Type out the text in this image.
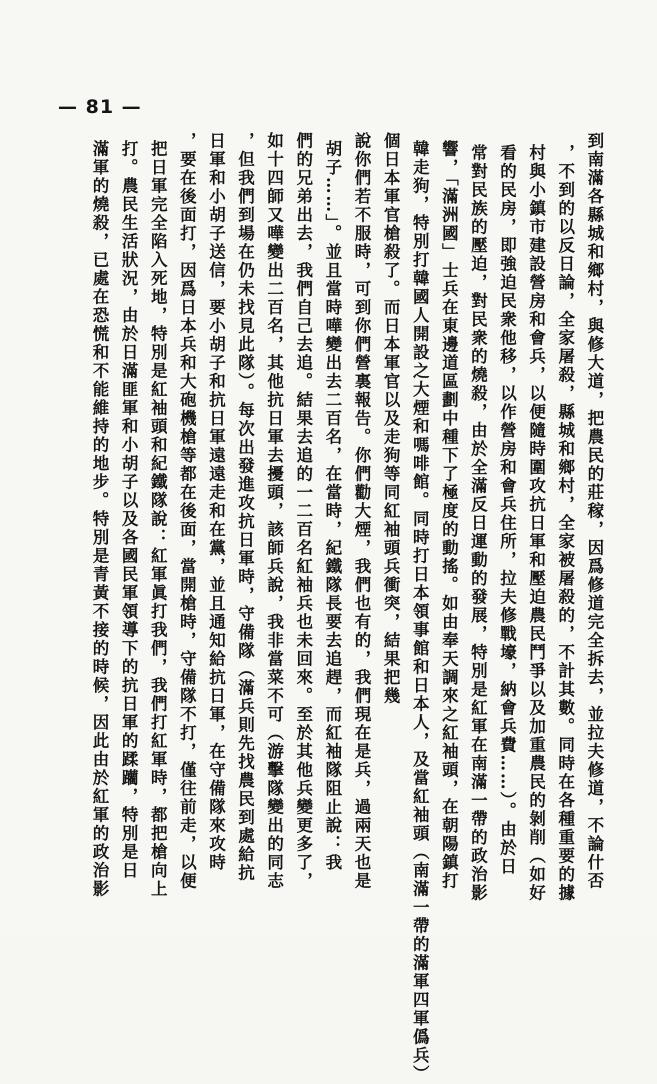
— 81 —
到南滿各縣城和鄉村，與修大道，把農民的莊稼，因爲修道完全拆去，並拉夫修道，不論什否
，不到的以反日論，全家屠殺，縣城和鄉村，全家被屠殺的，不計其數。同時在各種重要的據
村與小鎮市建設營房和會兵，以便隨時圍攻抗日軍和壓迫農民鬥爭以及加重農民的剝削（如好
看的民房，即強迫民衆他移，以作營房和會兵住所，拉夫修戰壕，納會兵費……）。由於日
常對民族的壓迫，對民衆的燒殺，由於全滿反日運動的發展，特別是紅軍在南滿一帶的政治影
響，「滿洲國」士兵在東邊道區劃中種下了極度的動搖。如由奉天調來之紅袖頭，在朝陽鎮打
韓走狗，特別打韓國人開設之大煙和嗎啡館。同時打日本領事館和日本人，及當紅袖頭（南滿一帶的滿軍四軍僞兵）
個日本軍官槍殺了。而日本軍官以及走狗等同紅袖頭兵衝突，結果把幾
說你們若不服時，可到你們營裏報告。你們勸大煙，我們也有的，我們現在是兵，過兩天也是
胡子……」。並且當時嘩變出去二百名，在當時，紀鐵隊長要去追趕，而紅袖隊阻止說：我
們的兄弟出去，我們自己去追。結果去追的一二百名紅袖兵也未回來。至於其他兵變更多了，
如十四師又嘩變出二百名，其他抗日軍去擾頭，該師兵說，我非當菜不可（游擊隊變出的同志
，但我們到場在仍未找見此隊）。每次出發進攻抗日軍時，守備隊（滿兵則先找農民到處給抗
日軍和小胡子送信，要小胡子和抗日軍遠遠走和在黨，並且通知給抗日軍，在守備隊來攻時
，要在後面打，因爲日本兵和大砲機槍等都在後面，當開槍時，守備隊不打，僅往前走，以便
把日軍完全陷入死地，特別是紅袖頭和紀鐵隊說：紅軍眞打我們，我們打紅軍時，都把槍向上
打。農民生活狀況，由於日滿匪軍和小胡子以及各國民軍領導下的抗日軍的蹂躪，特別是日
滿軍的燒殺，已處在恐慌和不能維持的地步。特別是青黃不接的時候，因此由於紅軍的政治影
